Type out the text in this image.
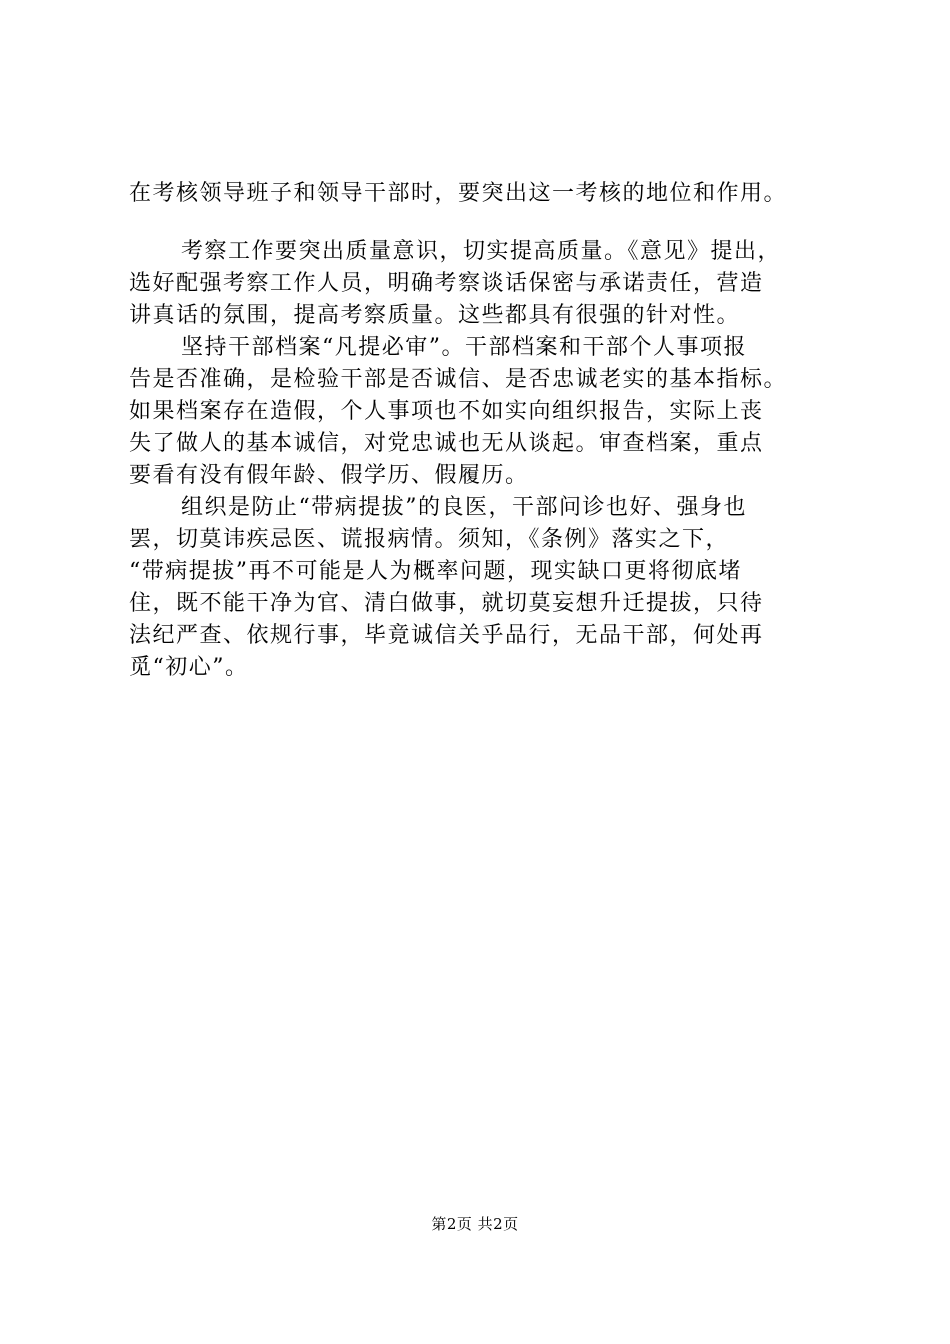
在考核领导班子和领导干部时，要突出这一考核的地位和作用。
考察工作要突出质量意识，切实提高质量。《意见》提出，
选好配强考察工作人员，明确考察谈话保密与承诺责任，营造
讲真话的氛围，提高考察质量。这些都具有很强的针对性。
坚持干部档案“凡提必审”。干部档案和干部个人事项报
告是否准确，是检验干部是否诚信、是否忠诚老实的基本指标。
如果档案存在造假，个人事项也不如实向组织报告，实际上丧
失了做人的基本诚信，对党忠诚也无从谈起。审查档案，重点
要看有没有假年龄、假学历、假履历。
组织是防止“带病提拔”的良医，干部问诊也好、强身也
罢，切莫讳疾忌医、谎报病情。须知，《条例》落实之下，
“带病提拔”再不可能是人为概率问题，现实缺口更将彻底堵
住，既不能干净为官、清白做事，就切莫妄想升迁提拔，只待
法纪严查、依规行事，毕竟诚信关乎品行，无品干部，何处再
觅“初心”。
第2页 共2页
